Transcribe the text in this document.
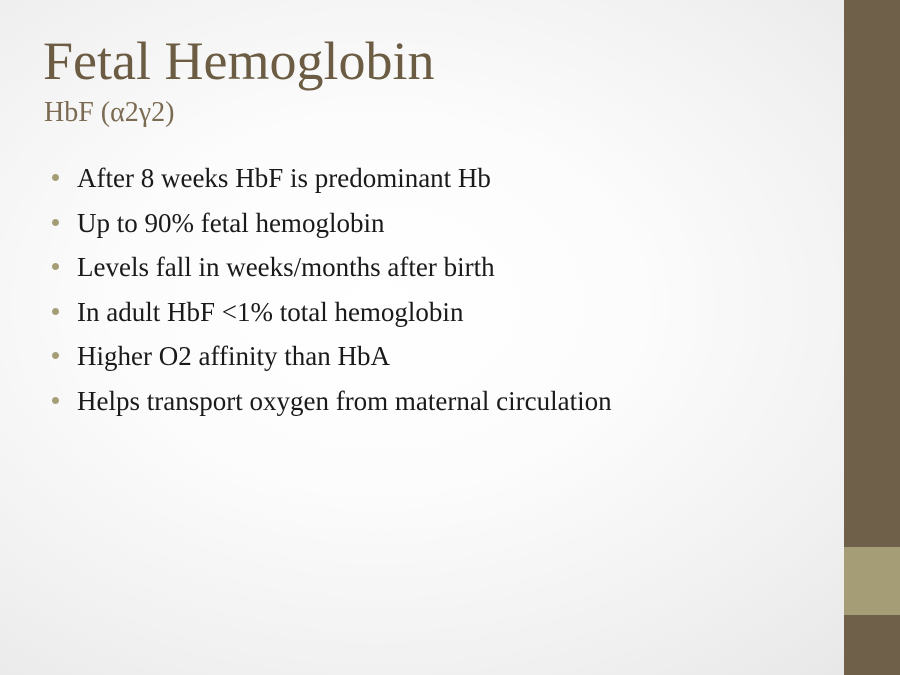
Fetal Hemoglobin
HbF (α2γ2)
After 8 weeks HbF is predominant Hb
Up to 90% fetal hemoglobin
Levels fall in weeks/months after birth
In adult HbF <1% total hemoglobin
Higher O2 affinity than HbA
Helps transport oxygen from maternal circulation
